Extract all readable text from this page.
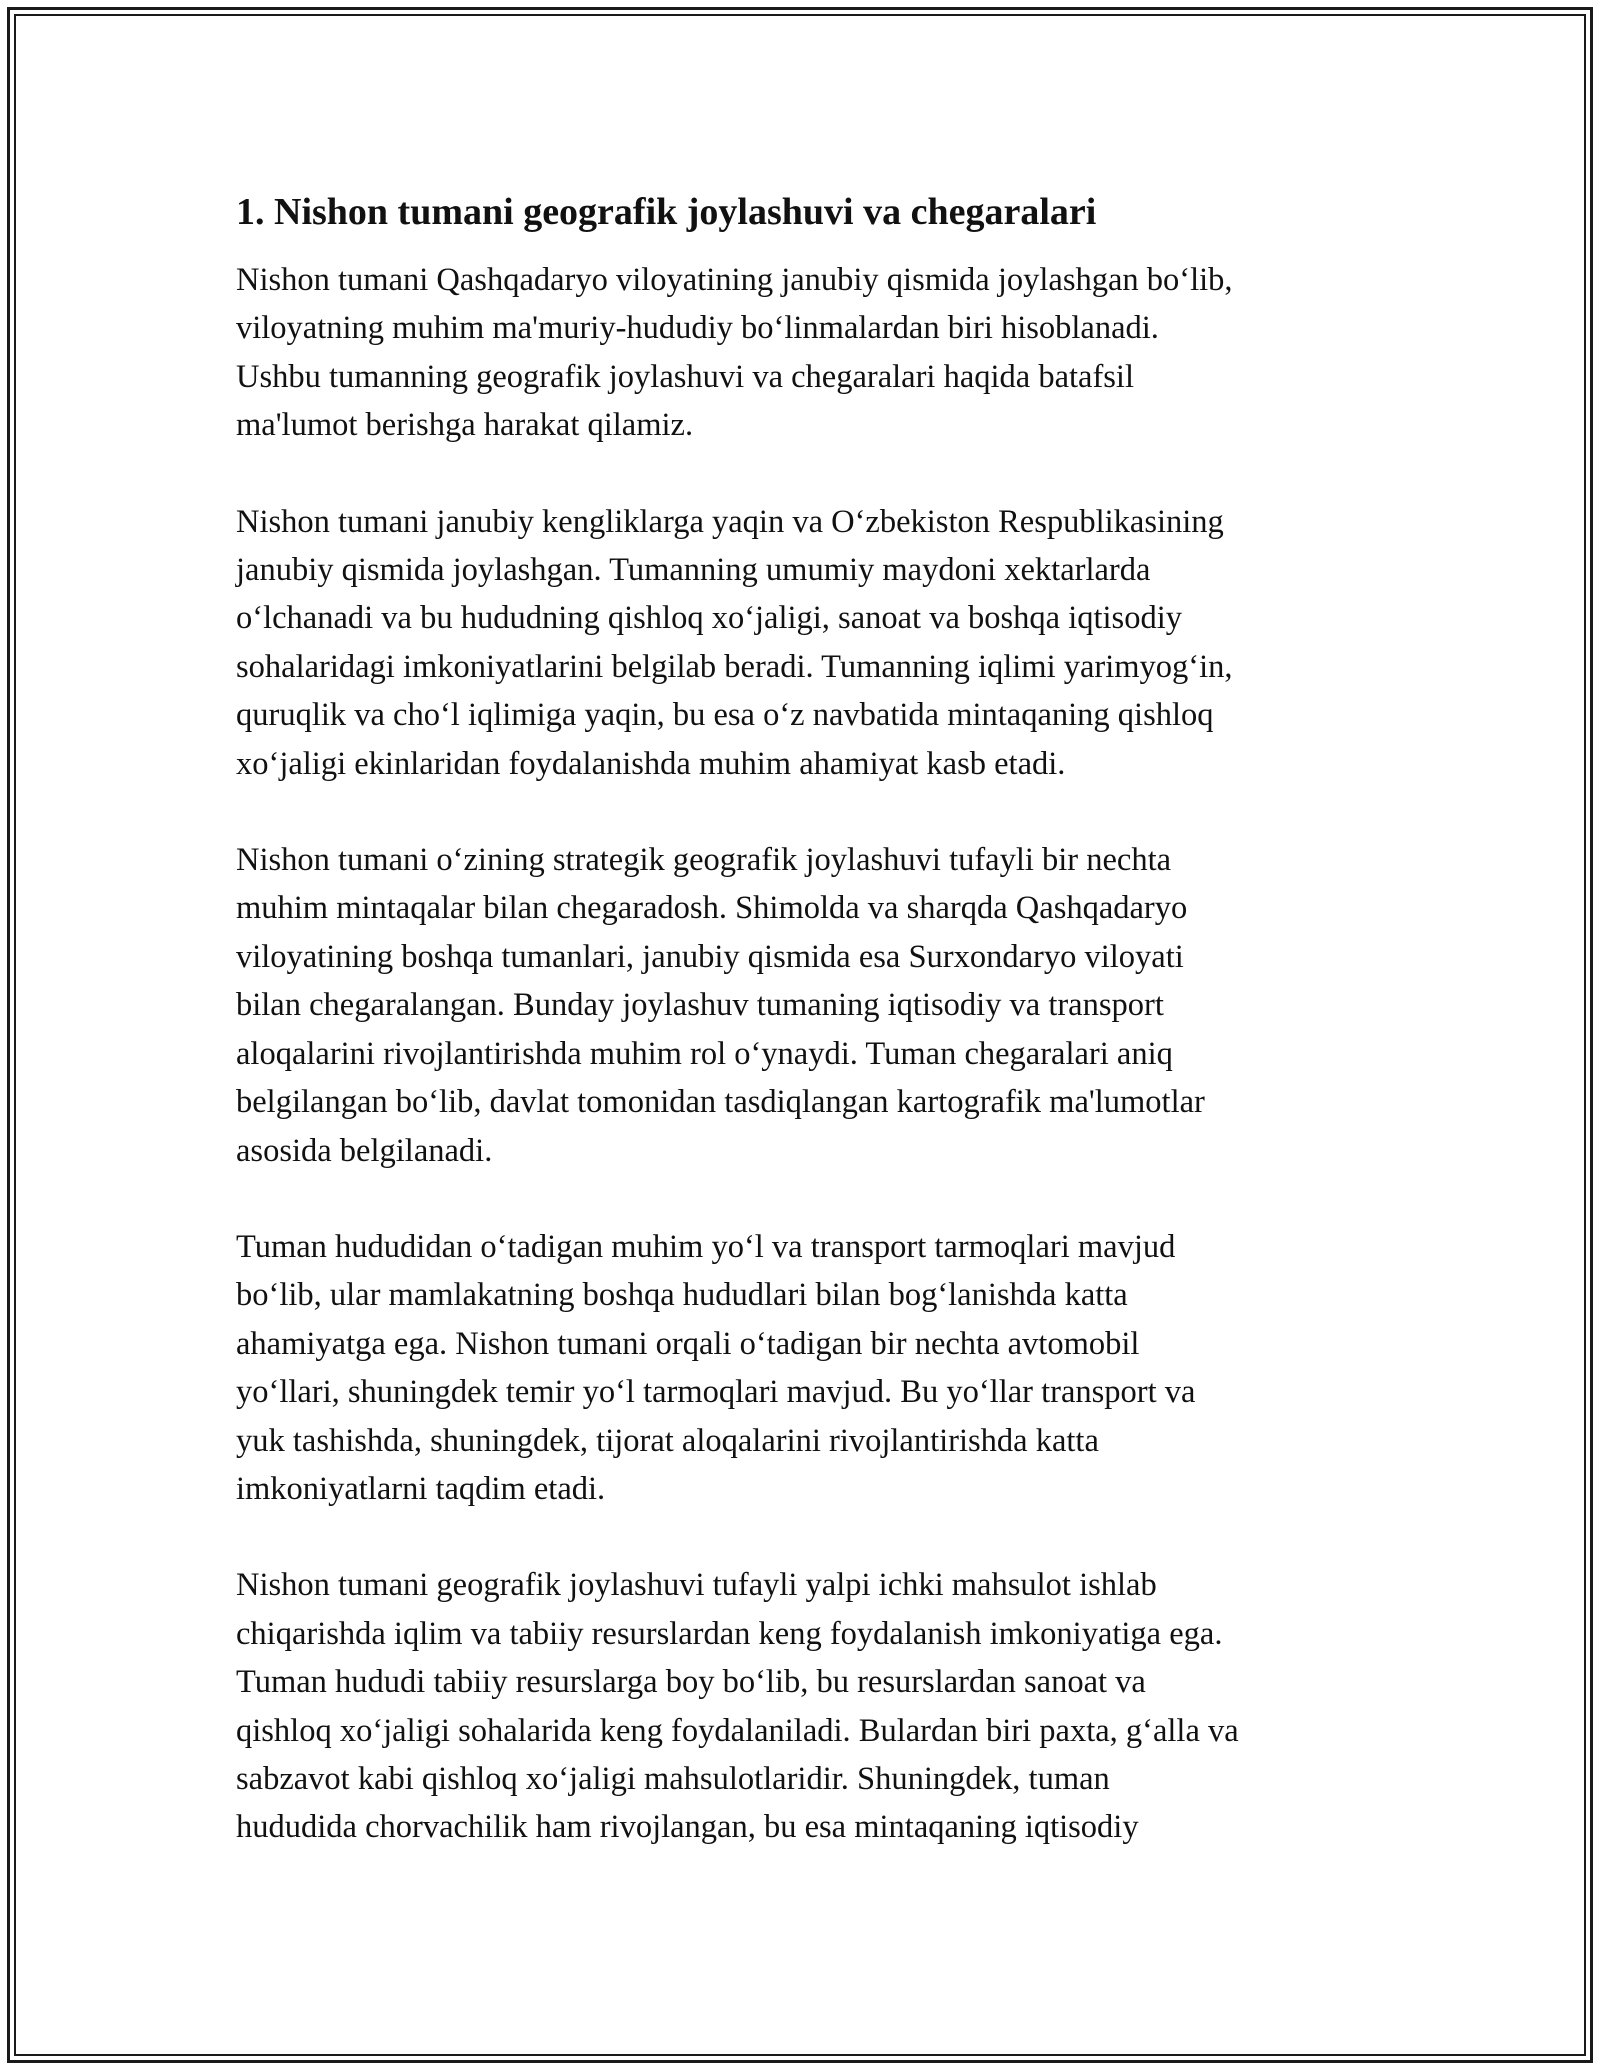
1. Nishon tumani geografik joylashuvi va chegaralari

Nishon tumani Qashqadaryo viloyatining janubiy qismida joylashgan bo‘lib,
viloyatning muhim ma'muriy-hududiy bo‘linmalardan biri hisoblanadi.
Ushbu tumanning geografik joylashuvi va chegaralari haqida batafsil
ma'lumot berishga harakat qilamiz.

Nishon tumani janubiy kengliklarga yaqin va O‘zbekiston Respublikasining
janubiy qismida joylashgan. Tumanning umumiy maydoni xektarlarda
o‘lchanadi va bu hududning qishloq xo‘jaligi, sanoat va boshqa iqtisodiy
sohalaridagi imkoniyatlarini belgilab beradi. Tumanning iqlimi yarimyog‘in,
quruqlik va cho‘l iqlimiga yaqin, bu esa o‘z navbatida mintaqaning qishloq
xo‘jaligi ekinlaridan foydalanishda muhim ahamiyat kasb etadi.

Nishon tumani o‘zining strategik geografik joylashuvi tufayli bir nechta
muhim mintaqalar bilan chegaradosh. Shimolda va sharqda Qashqadaryo
viloyatining boshqa tumanlari, janubiy qismida esa Surxondaryo viloyati
bilan chegaralangan. Bunday joylashuv tumaning iqtisodiy va transport
aloqalarini rivojlantirishda muhim rol o‘ynaydi. Tuman chegaralari aniq
belgilangan bo‘lib, davlat tomonidan tasdiqlangan kartografik ma'lumotlar
asosida belgilanadi.

Tuman hududidan o‘tadigan muhim yo‘l va transport tarmoqlari mavjud
bo‘lib, ular mamlakatning boshqa hududlari bilan bog‘lanishda katta
ahamiyatga ega. Nishon tumani orqali o‘tadigan bir nechta avtomobil
yo‘llari, shuningdek temir yo‘l tarmoqlari mavjud. Bu yo‘llar transport va
yuk tashishda, shuningdek, tijorat aloqalarini rivojlantirishda katta
imkoniyatlarni taqdim etadi.

Nishon tumani geografik joylashuvi tufayli yalpi ichki mahsulot ishlab
chiqarishda iqlim va tabiiy resurslardan keng foydalanish imkoniyatiga ega.
Tuman hududi tabiiy resurslarga boy bo‘lib, bu resurslardan sanoat va
qishloq xo‘jaligi sohalarida keng foydalaniladi. Bulardan biri paxta, g‘alla va
sabzavot kabi qishloq xo‘jaligi mahsulotlaridir. Shuningdek, tuman
hududida chorvachilik ham rivojlangan, bu esa mintaqaning iqtisodiy
